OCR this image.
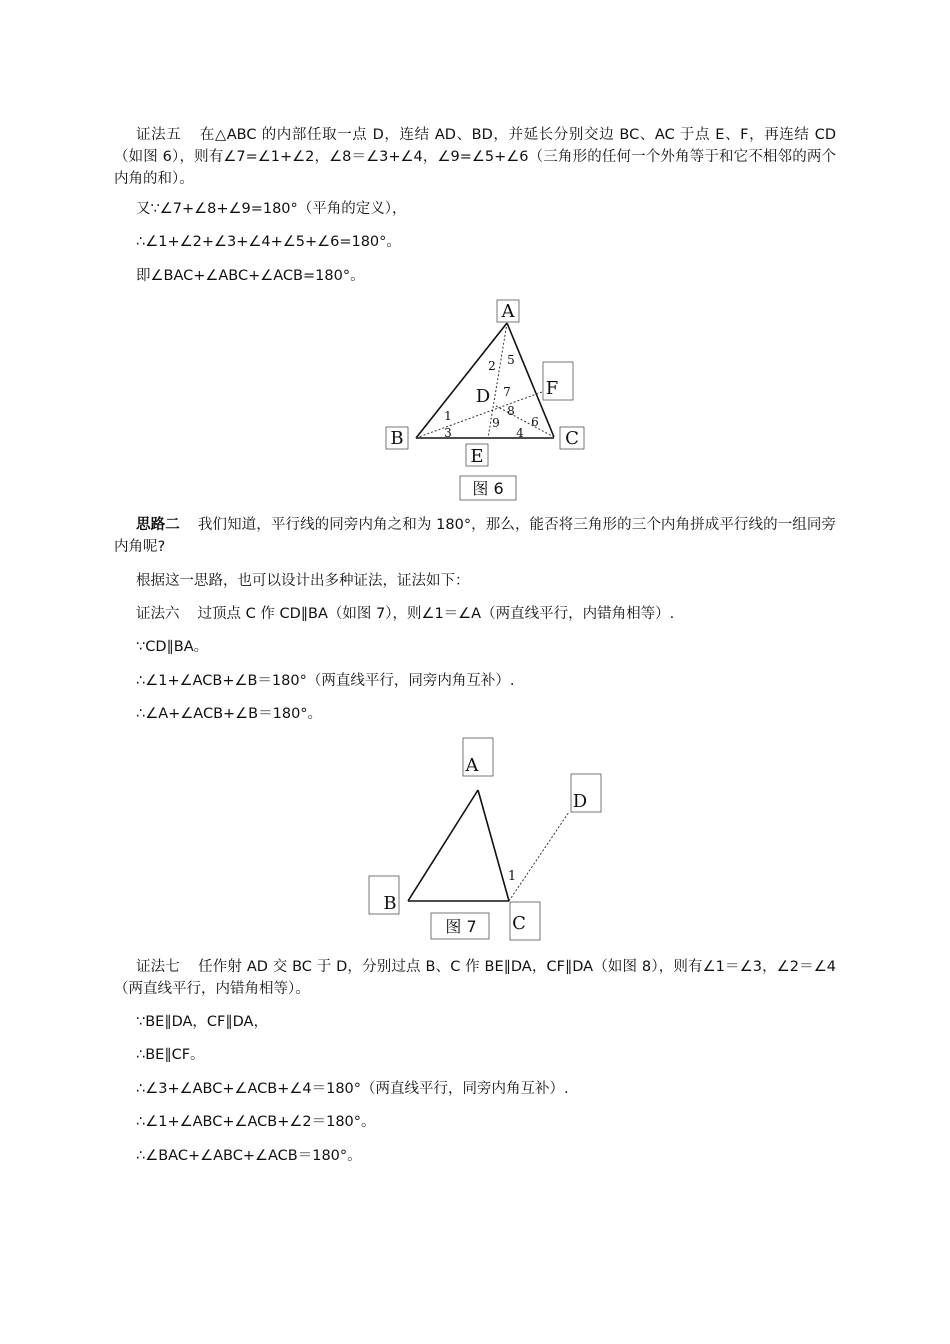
证法五 在△ABC 的内部任取一点 D，连结 AD、BD，并延长分别交边 BC、AC 于点 E、F，再连结 CD（如图 6），则有∠7=∠1+∠2，∠8＝∠3+∠4，∠9=∠5+∠6（三角形的任何一个外角等于和它不相邻的两个内角的和）。

又∵∠7+∠8+∠9=180°（平角的定义），

∴∠1+∠2+∠3+∠4+∠5+∠6=180°。

即∠BAC+∠ABC+∠ACB=180°。

A
B	C
D
E
F
1
2
3	4
5
6
7
8
9
图 6

思路二 我们知道，平行线的同旁内角之和为 180°，那么，能否将三角形的三个内角拼成平行线的一组同旁内角呢?

根据这一思路，也可以设计出多种证法，证法如下：

证法六 过顶点 C 作 CD∥BA（如图 7），则∠1＝∠A（两直线平行，内错角相等）.

∵CD∥BA。

∴∠1+∠ACB+∠B＝180°（两直线平行，同旁内角互补）.

∴∠A+∠ACB+∠B＝180°。

A
D
B
C
1
图 7

证法七 任作射 AD 交 BC 于 D，分别过点 B、C 作 BE∥DA，CF∥DA（如图 8），则有∠1＝∠3，∠2＝∠4（两直线平行，内错角相等）。

∵BE∥DA，CF∥DA，

∴BE∥CF。

∴∠3+∠ABC+∠ACB+∠4＝180°（两直线平行，同旁内角互补）.

∴∠1+∠ABC+∠ACB+∠2＝180°。

∴∠BAC+∠ABC+∠ACB＝180°。
